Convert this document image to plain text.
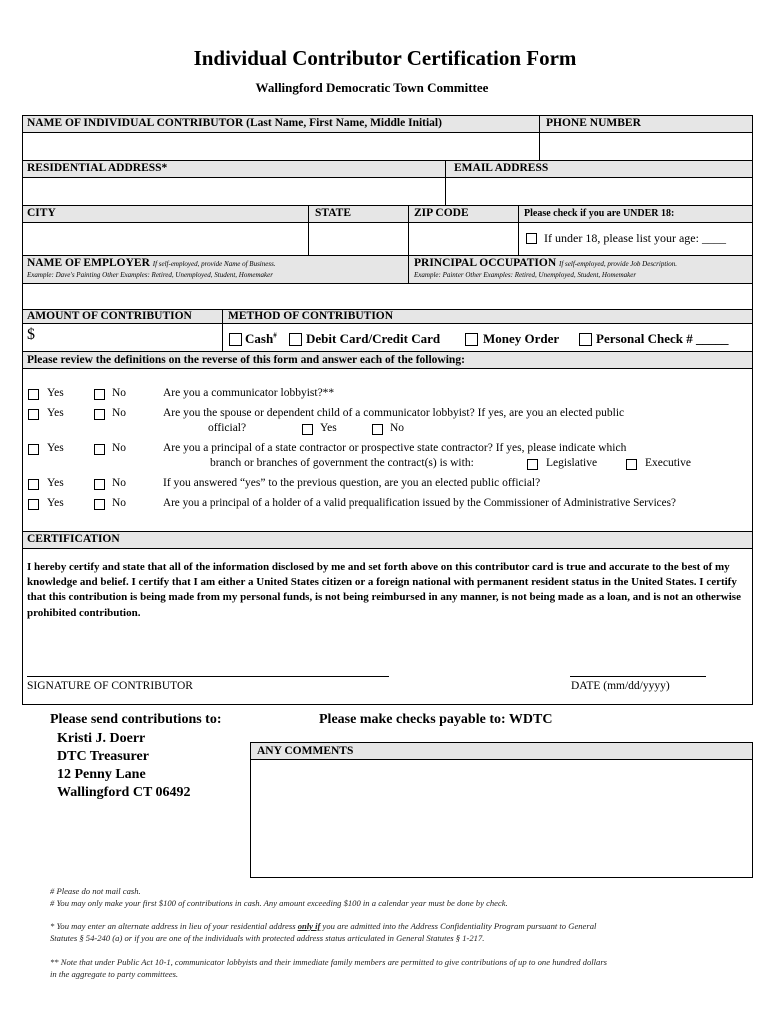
Individual Contributor Certification Form
Wallingford Democratic Town Committee
NAME OF INDIVIDUAL CONTRIBUTOR (Last Name, First Name, Middle Initial)	PHONE NUMBER
RESIDENTIAL ADDRESS*	EMAIL ADDRESS
CITY	STATE	ZIP CODE	Please check if you are UNDER 18:
If under 18, please list your age: ____
NAME OF EMPLOYER If self-employed, provide Name of Business.
Example: Dave's Painting Other Examples: Retired, Unemployed, Student, Homemaker
PRINCIPAL OCCUPATION If self-employed, provide Job Description.
Example: Painter Other Examples: Retired, Unemployed, Student, Homemaker
AMOUNT OF CONTRIBUTION	METHOD OF CONTRIBUTION
$	Cash# Debit Card/Credit Card	Money Order	Personal Check # _____
Please review the definitions on the reverse of this form and answer each of the following:
Yes	No	Are you a communicator lobbyist?**
Yes	No	Are you the spouse or dependent child of a communicator lobbyist? If yes, are you an elected public
official?	Yes	No
Yes	No	Are you a principal of a state contractor or prospective state contractor? If yes, please indicate which
branch or branches of government the contract(s) is with:	Legislative	Executive
Yes	No	If you answered “yes” to the previous question, are you an elected public official?
Yes	No	Are you a principal of a holder of a valid prequalification issued by the Commissioner of Administrative Services?
CERTIFICATION
I hereby certify and state that all of the information disclosed by me and set forth above on this contributor card is true and accurate to the best of my knowledge and belief. I certify that I am either a United States citizen or a foreign national with permanent resident status in the United States. I certify that this contribution is being made from my personal funds, is not being reimbursed in any manner, is not being made as a loan, and is not an otherwise prohibited contribution.
SIGNATURE OF CONTRIBUTOR	DATE (mm/dd/yyyy)
Please send contributions to:
Kristi J. Doerr
DTC Treasurer
12 Penny Lane
Wallingford CT 06492
Please make checks payable to: WDTC
ANY COMMENTS
# Please do not mail cash.
# You may only make your first $100 of contributions in cash. Any amount exceeding $100 in a calendar year must be done by check.
* You may enter an alternate address in lieu of your residential address only if you are admitted into the Address Confidentiality Program pursuant to General
Statutes § 54-240 (a) or if you are one of the individuals with protected address status articulated in General Statutes § 1-217.
** Note that under Public Act 10-1, communicator lobbyists and their immediate family members are permitted to give contributions of up to one hundred dollars
in the aggregate to party committees.
